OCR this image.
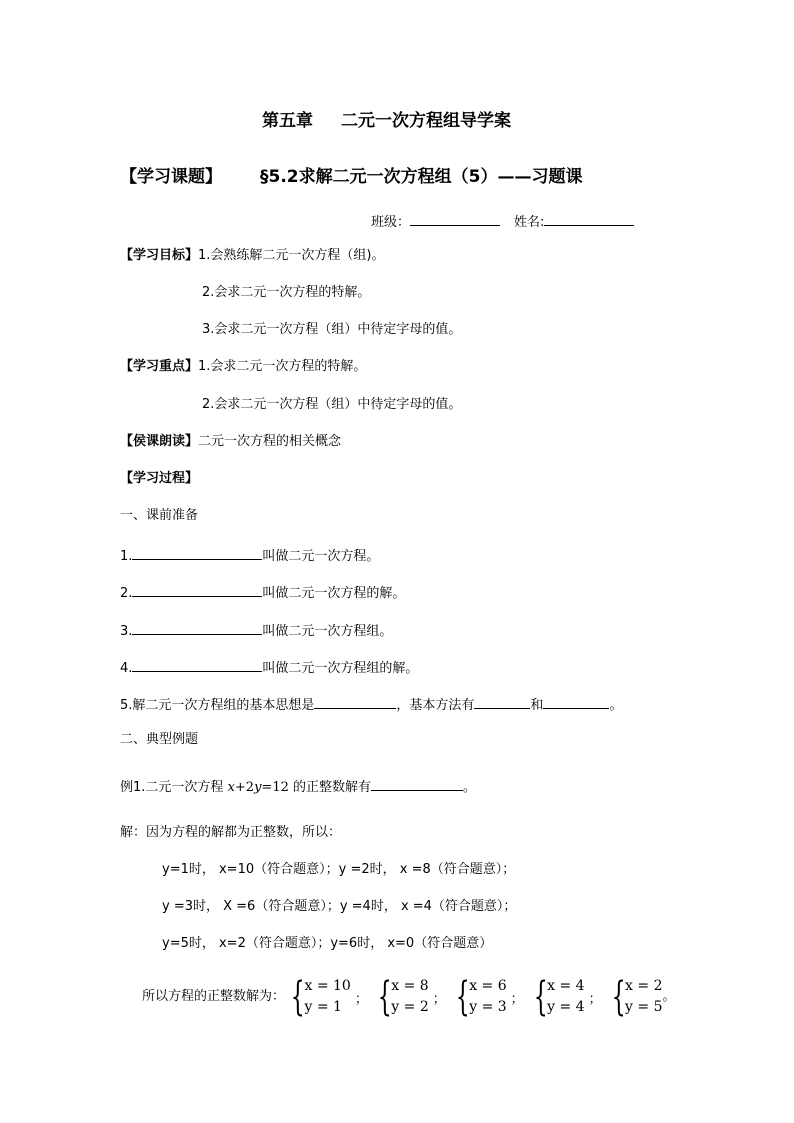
第五章 二元一次方程组导学案
【学习课题】 §5.2求解二元一次方程组（5）——习题课
班级：	姓名:
【学习目标】1.会熟练解二元一次方程（组)。
2.会求二元一次方程的特解。
3.会求二元一次方程（组）中待定字母的值。
【学习重点】1.会求二元一次方程的特解。
2.会求二元一次方程（组）中待定字母的值。
【侯课朗读】二元一次方程的相关概念
【学习过程】
一、课前准备
1.	叫做二元一次方程。
2.	叫做二元一次方程的解。
3.	叫做二元一次方程组。
4.	叫做二元一次方程组的解。
5.解二元一次方程组的基本思想是	，基本方法有	和	。
二、典型例题
例1.二元一次方程 x+2y=12 的正整数解有	。
解：因为方程的解都为正整数，所以：
y=1时， x=10（符合题意）；y =2时， x =8（符合题意）；
y =3时， X =6（符合题意）；y =4时， x =4（符合题意）；
y=5时， x=2（符合题意）；y=6时， x=0（符合题意）
所以方程的正整数解为： { x = 10
y = 1 ； { x = 8
y = 2 ； { x = 6
y = 3 ； { x = 4
y = 4 ； { x = 2
y = 5
。
